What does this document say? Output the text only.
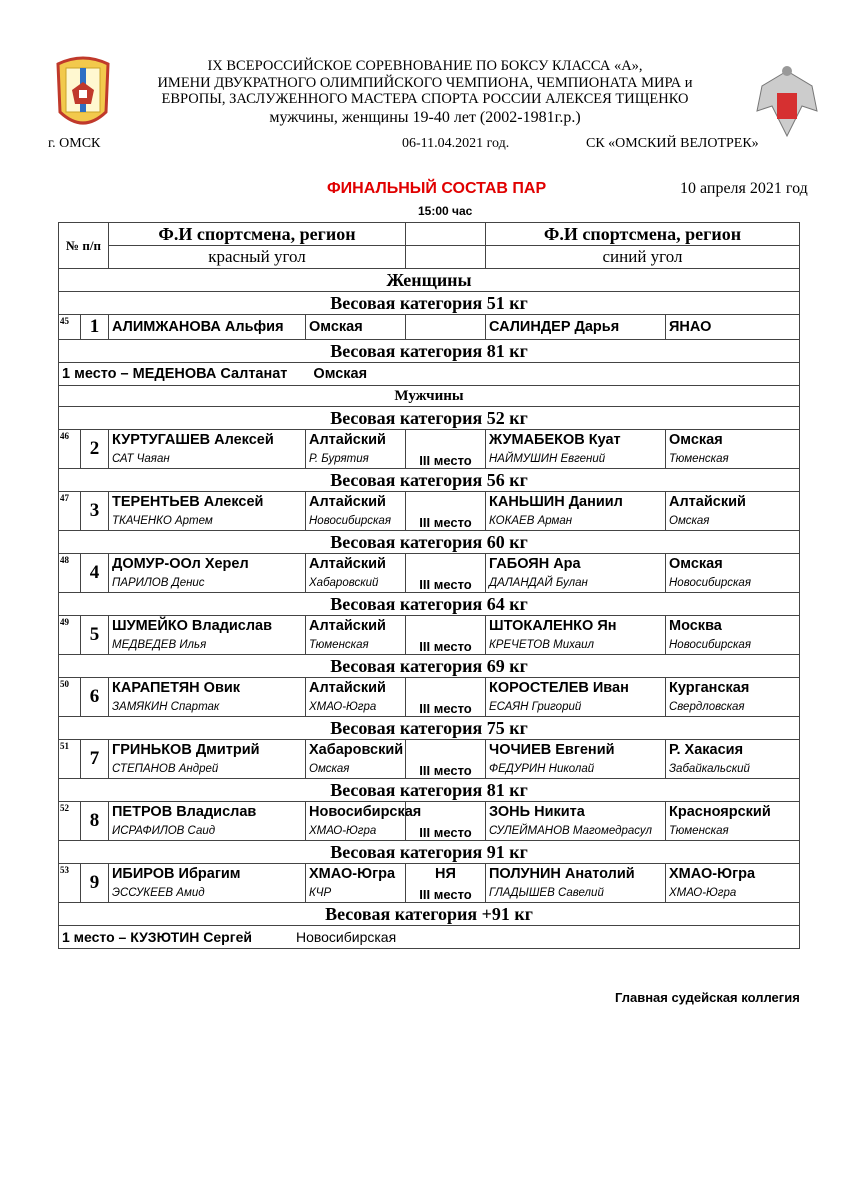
IX ВСЕРОССИЙСКОЕ СОРЕВНОВАНИЕ ПО БОКСУ КЛАССА «А»,
ИМЕНИ ДВУКРАТНОГО ОЛИМПИЙСКОГО ЧЕМПИОНА, ЧЕМПИОНАТА МИРА и
ЕВРОПЫ, ЗАСЛУЖЕННОГО МАСТЕРА СПОРТА РОССИИ АЛЕКСЕЯ ТИЩЕНКО
мужчины, женщины 19-40 лет (2002-1981г.р.)
г. ОМСК	06-11.04.2021 год.	СК «ОМСКИЙ ВЕЛОТРЕК»
ФИНАЛЬНЫЙ СОСТАВ ПАР	10 апреля 2021 год
15:00 час
№ п/п		Ф.И спортсмена, регион			Ф.И спортсмена, регион	
		красный угол			синий угол	
Женщины						
Весовая категория 51 кг						
45	1	АЛИМЖАНОВА Альфия	Омская		САЛИНДЕР Дарья	ЯНАО
Весовая категория 81 кг						
1 место – МЕДЕНОВА Салтанат Омская						
Мужчины						
Весовая категория 52 кг						
46	2	КУРТУГАШЕВ Алексей	Алтайский		ЖУМАБЕКОВ Куат	Омская
		САТ Чаяан	Р. Бурятия	III место	НАЙМУШИН Евгений	Тюменская
Весовая категория 56 кг						
47	3	ТЕРЕНТЬЕВ Алексей	Алтайский		КАНЬШИН Даниил	Алтайский
		ТКАЧЕНКО Артем	Новосибирская	III место	КОКАЕВ Арман	Омская
Весовая категория 60 кг						
48	4	ДОМУР-ООл Херел	Алтайский		ГАБОЯН Ара	Омская
		ПАРИЛОВ Денис	Хабаровский	III место	ДАЛАНДАЙ Булан	Новосибирская
Весовая категория 64 кг						
49	5	ШУМЕЙКО Владислав	Алтайский		ШТОКАЛЕНКО Ян	Москва
		МЕДВЕДЕВ Илья	Тюменская	III место	КРЕЧЕТОВ Михаил	Новосибирская
Весовая категория 69 кг						
50	6	КАРАПЕТЯН Овик	Алтайский		КОРОСТЕЛЕВ Иван	Курганская
		ЗАМЯКИН Спартак	ХМАО-Югра	III место	ЕСАЯН Григорий	Свердловская
Весовая категория 75 кг						
51	7	ГРИНЬКОВ Дмитрий	Хабаровский		ЧОЧИЕВ Евгений	Р. Хакасия
		СТЕПАНОВ Андрей	Омская	III место	ФЕДУРИН Николай	Забайкальский
Весовая категория 81 кг						
52	8	ПЕТРОВ Владислав	Новосибирская		ЗОНЬ Никита	Красноярский
		ИСРАФИЛОВ Саид	ХМАО-Югра	III место	СУЛЕЙМАНОВ Магомедрасул	Тюменская
Весовая категория 91 кг						
53	9	ИБИРОВ Ибрагим	ХМАО-Югра	НЯ	ПОЛУНИН Анатолий	ХМАО-Югра
		ЭССУКЕЕВ Амид	КЧР	III место	ГЛАДЫШЕВ Савелий	ХМАО-Югра
Весовая категория +91 кг						
1 место – КУЗЮТИН Сергей Новосибирская						
Главная судейская коллегия
